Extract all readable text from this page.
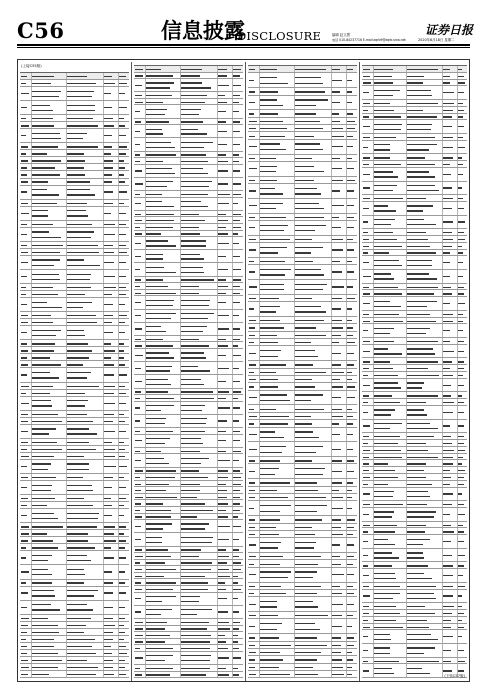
C56	信息披露
DISCLOSURE	编辑 赵文慧
电话 010-84237716 E-mail:zqrb9@zqrb.sina.net
证券日报
2020年8月18日 星期二
(上接C55版)
(下转C57版)
